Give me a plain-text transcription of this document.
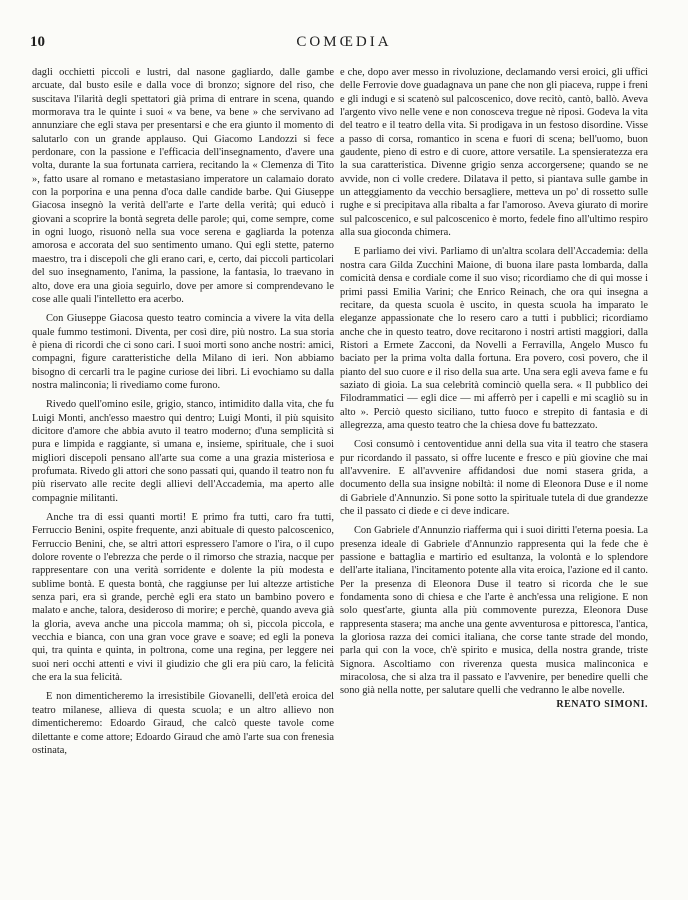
10	COMŒDIA

dagli occhietti piccoli e lustri, dal nasone gagliardo, dalle gambe arcuate, dal busto esile e dalla voce di bronzo; signore del riso, che suscitava l'ilarità degli spettatori già prima di entrare in scena, quando mormorava tra le quinte i suoi « va bene, va bene » che servivano ad annunziare che egli stava per presentarsi e che era giunto il momento di salutarlo con un grande applauso. Qui Giacomo Landozzi si fece perdonare, con la passione e l'efficacia dell'insegnamento, d'avere una volta, durante la sua fortunata carriera, recitando la « Clemenza di Tito », fatto usare al romano e metastasiano imperatore un calamaio dorato con la porporina e una penna d'oca dalle candide barbe. Qui Giuseppe Giacosa insegnò la verità dell'arte e l'arte della verità; qui educò i giovani a scoprire la bontà segreta delle parole; qui, come sempre, come in ogni luogo, risuonò nella sua voce serena e gagliarda la potenza amorosa e accorata del suo sentimento umano. Qui egli stette, paterno maestro, tra i discepoli che gli erano cari, e, certo, dai piccoli particolari del suo insegnamento, l'anima, la passione, la fantasia, lo traevano in alto, dove era una gioia seguirlo, dove per amore si comprendevano le cose alle quali l'intelletto era acerbo.

Con Giuseppe Giacosa questo teatro comincia a vivere la vita della quale fummo testimoni. Diventa, per così dire, più nostro. La sua storia è piena di ricordi che ci sono cari. I suoi morti sono anche nostri: amici, compagni, figure caratteristiche della Milano di ieri. Non abbiamo bisogno di cercarli tra le pagine curiose dei libri. Li evochiamo su dalla nostra malinconia; li rivediamo come furono.

Rivedo quell'omino esile, grigio, stanco, intimidito dalla vita, che fu Luigi Monti, anch'esso maestro qui dentro; Luigi Monti, il più squisito dicitore d'amore che abbia avuto il teatro moderno; d'una semplicità sì pura e limpida e raggiante, sì umana e, insieme, spirituale, che i suoi migliori discepoli pensano all'arte sua come a una grazia misteriosa e profumata. Rivedo gli attori che sono passati qui, quando il teatro non fu più riservato alle recite degli allievi dell'Accademia, ma aperto alle compagnie militanti.

Anche tra di essi quanti morti! E primo fra tutti, caro fra tutti, Ferruccio Benini, ospite frequente, anzi abituale di questo palcoscenico, Ferruccio Benini, che, se altri attori espressero l'amore o l'ira, o il cupo dolore rovente o l'ebrezza che perde o il rimorso che strazia, nacque per rappresentare con una verità sorridente e dolente la più modesta e sublime bontà. E questa bontà, che raggiunse per lui altezze artistiche senza pari, era sì grande, perchè egli era stato un bambino povero e malato e anche, talora, desideroso di morire; e perchè, quando aveva già la gloria, aveva anche una piccola mamma; oh sì, piccola piccola, e vecchia e bianca, con una gran voce grave e soave; ed egli la poneva qui, tra quinta e quinta, in poltrona, come una regina, per leggere nei suoi neri occhi attenti e vivi il giudizio che gli era più caro, la felicità che era la sua felicità.

E non dimenticheremo la irresistibile Giovanelli, dell'età eroica del teatro milanese, allieva di questa scuola; e un altro allievo non dimenticheremo: Edoardo Giraud, che calcò queste tavole come dilettante e come attore; Edoardo Giraud che amò l'arte sua con frenesia ostinata,

e che, dopo aver messo in rivoluzione, declamando versi eroici, gli uffici delle Ferrovie dove guadagnava un pane che non gli piaceva, ruppe i freni e gli indugi e si scatenò sul palcoscenico, dove recitò, cantò, ballò. Aveva l'argento vivo nelle vene e non conosceva tregue nè riposi. Godeva la vita del teatro e il teatro della vita. Si prodigava in un festoso disordine. Visse a passo di corsa, romantico in scena e fuori di scena; bell'uomo, buon gaudente, pieno di estro e di cuore, attore versatile. La spensieratezza era la sua caratteristica. Divenne grigio senza accorgersene; quando se ne avvide, non ci volle credere. Dilatava il petto, si piantava sulle gambe in un atteggiamento da vecchio bersagliere, metteva un po' di rossetto sulle rughe e si precipitava alla ribalta a far l'amoroso. Aveva giurato di morire sul palcoscenico, e sul palcoscenico è morto, fedele fino all'ultimo respiro alla sua gioconda chimera.

E parliamo dei vivi. Parliamo di un'altra scolara dell'Accademia: della nostra cara Gilda Zucchini Maione, di buona ilare pasta lombarda, dalla comicità densa e cordiale come il suo viso; ricordiamo che di qui mosse i primi passi Emilia Varini; che Enrico Reinach, che ora qui insegna a recitare, da questa scuola è uscito, in questa scuola ha imparato le eleganze appassionate che lo resero caro a tutti i pubblici; ricordiamo anche che in questo teatro, dove recitarono i nostri artisti maggiori, dalla Ristori a Ermete Zacconi, da Novelli a Ferravilla, Angelo Musco fu baciato per la prima volta dalla fortuna. Era povero, così povero, che il pianto del suo cuore e il riso della sua arte. Una sera egli aveva fame e fu saziato di gioia. La sua celebrità cominciò quella sera. « Il pubblico dei Filodrammatici — egli dice — mi afferrò per i capelli e mi scagliò su in alto ». Perciò questo siciliano, tutto fuoco e strepito di fantasia e di allegrezza, ama questo teatro che la chiesa dove fu battezzato.

Così consumò i centoventidue anni della sua vita il teatro che stasera pur ricordando il passato, si offre lucente e fresco e più giovine che mai all'avvenire. E all'avvenire affidandosi due nomi stasera grida, a documento della sua insigne nobiltà: il nome di Eleonora Duse e il nome di Gabriele d'Annunzio. Si pone sotto la spirituale tutela di due grandezze che il passato ci diede e ci deve indicare.

Con Gabriele d'Annunzio riafferma qui i suoi diritti l'eterna poesia. La presenza ideale di Gabriele d'Annunzio rappresenta qui la fede che è passione e battaglia e martirio ed esultanza, la volontà e lo splendore dell'arte italiana, l'incitamento potente alla vita eroica, l'azione ed il canto. Per la presenza di Eleonora Duse il teatro si ricorda che le sue fondamenta sono di chiesa e che l'arte è anch'essa una religione. E non solo quest'arte, giunta alla più commovente purezza, Eleonora Duse rappresenta stasera; ma anche una gente avventurosa e pittoresca, l'antica, la gloriosa razza dei comici italiana, che corse tante strade del mondo, parla qui con la voce, ch'è spirito e musica, della nostra grande, triste Signora. Ascoltiamo con riverenza questa musica malinconica e miracolosa, che si alza tra il passato e l'avvenire, per benedire quelli che sono già nella notte, per salutare quelli che vedranno le albe novelle.

RENATO SIMONI.
